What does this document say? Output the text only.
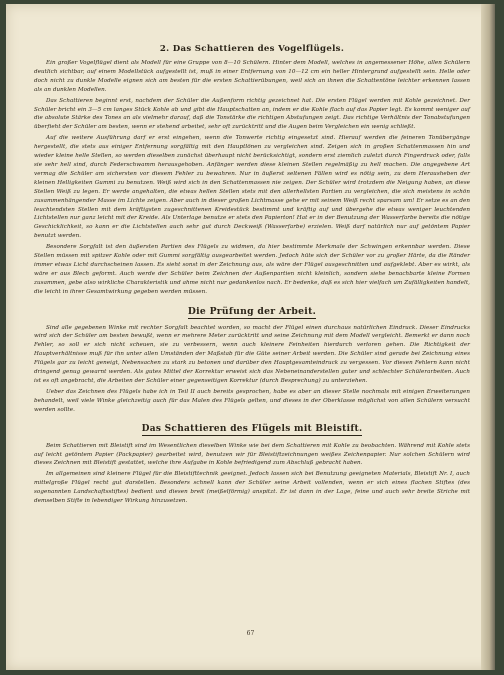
2. Das Schattieren des Vogelflügels.

Ein großer Vogelflügel dient als Modell für eine Gruppe von 8—10 Schülern. Hinter dem Modell, welches in angemessener Höhe, allen Schülern deutlich sichtbar, auf einem Modellstück aufgestellt ist, muß in einer Entfernung von 10—12 cm ein heller Hintergrund aufgestellt sein. Helle oder doch nicht zu dunkle Modelle eignen sich am besten für die ersten Schattierübungen, weil sich an ihnen die Schattentöne leichter erkennen lassen als an dunklen Modellen.

Das Schattieren beginnt erst, nachdem der Schüler die Außenform richtig gezeichnet hat. Die ersten Flügel werden mit Kohle gezeichnet. Der Schüler bricht ein 3—5 cm langes Stück Kohle ab und gibt die Hauptschatten an, indem er die Kohle flach auf das Papier legt. Es kommt weniger auf die absolute Stärke des Tones an als vielmehr darauf, daß die Tonstärke die richtigen Abstufungen zeigt. Das richtige Verhältnis der Tonabstufungen überfieht der Schüler am besten, wenn er stehend arbeitet, sehr oft zurücktritt und die Augen beim Vergleichen ein wenig schließt.

Auf die weitere Ausführung darf er erst eingehen, wenn die Tonwerte richtig eingesetzt sind. Hierauf werden die feineren Tonübergänge hergestellt, die stets aus einiger Entfernung sorgfältig mit den Hauptlönen zu vergleichen sind. Zeigen sich in großen Schattenmassen hin und wieder kleine helle Stellen, so werden dieselben zunächst überhaupt nicht berücksichtigt, sondern erst ziemlich zuletzt durch Fingerdruck oder, falls sie sehr hell sind, durch Federschwamm herausgehoben. Anfänger werden diese kleinen Stellen regelmäßig zu hell machen. Die angegebene Art vermag die Schüler am sichersten vor diesem Fehler zu bewahren. Nur in äußerst seltenen Fällen wird es nötig sein, zu dem Herausheben der kleinen Helligkeiten Gummi zu benutzen. Weiß wird sich in den Schattenmassen nie zeigen. Der Schüler wird trotzdem die Neigung haben, an diese Stellen Weiß zu legen. Er werde angehalten, die etwas hellen Stellen stets mit den allerhellsten Partien zu vergleichen, die sich meistens in schön zusammenhängender Masse im Lichte zeigen. Aber auch in dieser großen Lichtmasse gehe er mit seinem Weiß recht sparsam um! Er setze es an den leuchtendsten Stellen mit dem kräftigsten zugeschnittenen Kreidestück bestimmt und kräftig auf und übergehe die etwas weniger leuchtenden Lichtstellen nur ganz leicht mit der Kreide. Als Unterlage benutze er stets den Papierton! Hat er in der Benutzung der Wasserfarbe bereits die nötige Geschicklichkeit, so kann er die Lichtstellen auch sehr gut durch Deckweiß (Wasserfarbe) erzielen. Weiß darf natürlich nur auf getöntem Papier benutzt werden.

Besondere Sorgfalt ist den äußersten Partien des Flügels zu widmen, da hier bestimmte Merkmale der Schwingen erkennbar werden. Diese Stellen müssen mit spitzer Kohle oder mit Gummi sorgfältig ausgearbeitet werden. Jedoch hüte sich der Schüler vor zu großer Härte, da die Ränder immer etwas Licht durchscheinen lassen. Es sieht sonst in der Zeichnung aus, als wäre der Flügel ausgeschnitten und aufgeklebt. Aber es wirkt, als wäre er aus Blech geformt. Auch werde der Schüler beim Zeichnen der Außenpartien nicht kleinlich, sondern siehe benachbarte kleine Formen zusammen, gebe also wirkliche Charakteristik und ahme nicht nur gedankenlos nach. Er bedenke, daß es sich hier vielfach um Zufälligkeiten handelt, die leicht in ihrer Gesamtwirkung gegeben werden müssen.

Die Prüfung der Arbeit.

Sind alle gegebenen Winke mit rechter Sorgfalt beachtet worden, so macht der Flügel einen durchaus natürlichen Eindruck. Dieser Eindrucks wird sich der Schüler am besten bewußt, wenn er mehrere Meter zurücktritt und seine Zeichnung mit dem Modell vergleicht. Bemerkt er dann noch Fehler, so soll er sich nicht scheuen, sie zu verbessern, wenn auch kleinere Feinheiten hierdurch verloren gehen. Die Richtigkeit der Hauptverhältnisse muß für ihn unter allen Umständen der Maßstab für die Güte seiner Arbeit werden. Die Schüler sind gerade bei Zeichnung eines Flügels gar zu leicht geneigt, Nebensachen zu stark zu betonen und darüber den Hauptgesamteindruck zu vergessen. Vor diesen Fehlern kann nicht dringend genug gewarnt werden. Als gutes Mittel der Korrektur erweist sich das Nebeneinanderstellen guter und schlechter Schülerarbeiten. Auch ist es oft angebracht, die Arbeiten der Schüler einer gegenseitigen Korrektur (durch Besprechung) zu unterziehen.

Ueber das Zeichnen des Flügels habe ich in Teil II auch bereits gesprochen, habe es aber an dieser Stelle nochmals mit einigen Erweiterungen behandelt, weil viele Winke gleichzeitig auch für das Malen des Flügels gelten, und dieses in der Oberklasse möglichst von allen Schülern versucht werden sollte.

Das Schattieren des Flügels mit Bleistift.

Beim Schattieren mit Bleistift sind im Wesentlichen dieselben Winke wie bei dem Schattieren mit Kohle zu beobachten. Während mit Kohle stets auf leicht getöntem Papier (Packpapier) gearbeitet wird, benutzen wir für Bleistiftzeichnungen weißes Zeichenpapier. Nur solchen Schülern wird dieses Zeichnen mit Bleistift gestattet, welche ihre Aufgabe in Kohle befriedigend zum Abschluß gebracht haben.

Im allgemeinen sind kleinere Flügel für die Bleistifttechnik geeignet. Jedoch lassen sich bei Benutzung geeigneten Materials, Bleistift Nr. I, auch mittelgroße Flügel recht gut darstellen. Besonders schnell kann der Schüler seine Arbeit vollenden, wenn er sich eines flachen Stiftes (des sogenannten Landschaftsstiftes) bedient und diesen breit (meißelförmig) anspitzt. Er ist dann in der Lage, feine und auch sehr breite Striche mit demselben Stifte in lebendiger Wirkung hinzusetzen.

67
